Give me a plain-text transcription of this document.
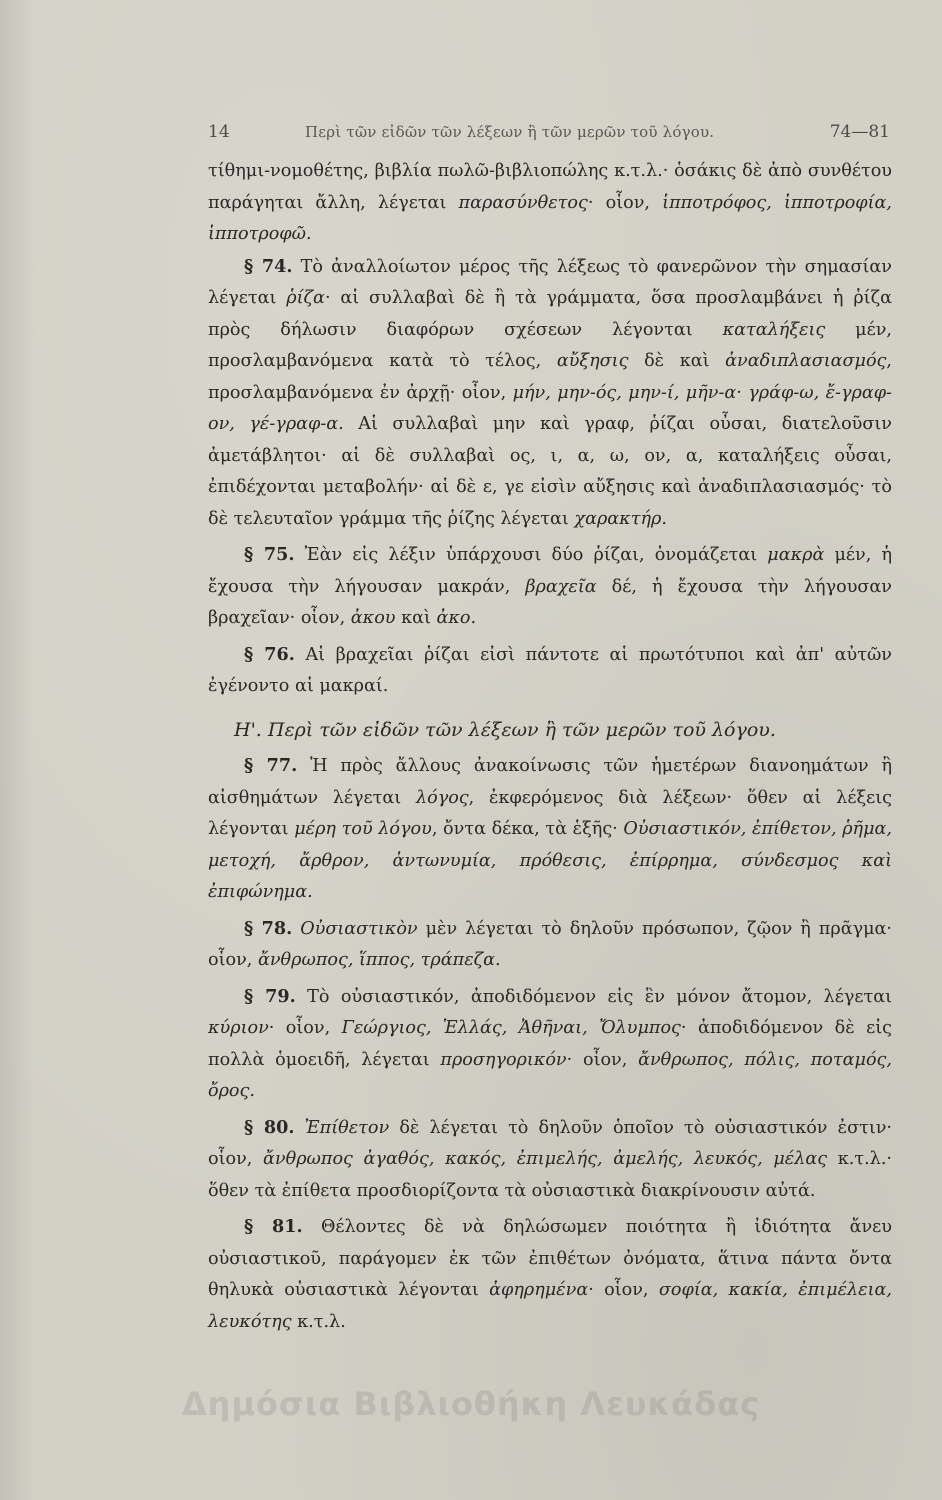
14	Περὶ τῶν εἰδῶν τῶν λέξεων ἢ τῶν μερῶν τοῦ λόγου.	74—81

τίθημι-νομοθέτης, βιβλία πωλῶ-βιβλιοπώλης κ.τ.λ.· ὁσάκις δὲ ἀπὸ συνθέτου παράγηται ἄλλη, λέγεται παρασύνθετος· οἷον, ἱπποτρόφος, ἱπποτροφία, ἱπποτροφῶ.

§ 74. Τὸ ἀναλλοίωτον μέρος τῆς λέξεως τὸ φανερῶνον τὴν σημασίαν λέγεται ῥίζα· αἱ συλλαβαὶ δὲ ἢ τὰ γράμματα, ὅσα προσλαμβάνει ἡ ῥίζα πρὸς δήλωσιν διαφόρων σχέσεων λέγονται καταλήξεις μέν, προσλαμβανόμενα κατὰ τὸ τέλος, αὔξησις δὲ καὶ ἀναδιπλασιασμός, προσλαμβανόμενα ἐν ἀρχῇ· οἷον, μήν, μην-ός, μην-ί, μῆν-α· γράφ-ω, ἔ-γραφ-ον, γέ-γραφ-α. Αἱ συλλαβαὶ μην καὶ γραφ, ῥίζαι οὖσαι, διατελοῦσιν ἀμετάβλητοι· αἱ δὲ συλλαβαὶ ος, ι, α, ω, ον, α, καταλήξεις οὖσαι, ἐπιδέχονται μεταβολήν· αἱ δὲ ε, γε εἰσὶν αὔξησις καὶ ἀναδιπλασιασμός· τὸ δὲ τελευταῖον γράμμα τῆς ῥίζης λέγεται χαρακτήρ.

§ 75. Ἐὰν εἰς λέξιν ὑπάρχουσι δύο ῥίζαι, ὀνομάζεται μακρὰ μέν, ἡ ἔχουσα τὴν λήγουσαν μακράν, βραχεῖα δέ, ἡ ἔχουσα τὴν λήγουσαν βραχεῖαν· οἷον, ἀκου καὶ ἀκο.

§ 76. Αἱ βραχεῖαι ῥίζαι εἰσὶ πάντοτε αἱ πρωτότυποι καὶ ἀπ' αὐτῶν ἐγένοντο αἱ μακραί.

Η'. Περὶ τῶν εἰδῶν τῶν λέξεων ἢ τῶν μερῶν τοῦ λόγου.

§ 77. Ἡ πρὸς ἄλλους ἀνακοίνωσις τῶν ἡμετέρων διανοημάτων ἢ αἰσθημάτων λέγεται λόγος, ἐκφερόμενος διὰ λέξεων· ὅθεν αἱ λέξεις λέγονται μέρη τοῦ λόγου, ὄντα δέκα, τὰ ἑξῆς· Οὐσιαστικόν, ἐπίθετον, ῥῆμα, μετοχή, ἄρθρον, ἀντωνυμία, πρόθεσις, ἐπίρρημα, σύνδεσμος καὶ ἐπιφώνημα.

§ 78. Οὐσιαστικὸν μὲν λέγεται τὸ δηλοῦν πρόσωπον, ζῷον ἢ πρᾶγμα· οἷον, ἄνθρωπος, ἵππος, τράπεζα.

§ 79. Τὸ οὐσιαστικόν, ἀποδιδόμενον εἰς ἓν μόνον ἄτομον, λέγεται κύριον· οἷον, Γεώργιος, Ἑλλάς, Ἀθῆναι, Ὄλυμπος· ἀποδιδόμενον δὲ εἰς πολλὰ ὁμοειδῆ, λέγεται προσηγορικόν· οἷον, ἄνθρωπος, πόλις, ποταμός, ὄρος.

§ 80. Ἐπίθετον δὲ λέγεται τὸ δηλοῦν ὁποῖον τὸ οὐσιαστικόν ἐστιν· οἷον, ἄνθρωπος ἀγαθός, κακός, ἐπιμελής, ἀμελής, λευκός, μέλας κ.τ.λ.· ὅθεν τὰ ἐπίθετα προσδιορίζοντα τὰ οὐσιαστικὰ διακρίνουσιν αὐτά.

§ 81. Θέλοντες δὲ νὰ δηλώσωμεν ποιότητα ἢ ἰδιότητα ἄνευ οὐσιαστικοῦ, παράγομεν ἐκ τῶν ἐπιθέτων ὀνόματα, ἅτινα πάντα ὄντα θηλυκὰ οὐσιαστικὰ λέγονται ἀφηρημένα· οἷον, σοφία, κακία, ἐπιμέλεια, λευκότης κ.τ.λ.

Δημόσια Βιβλιοθήκη Λευκάδας
